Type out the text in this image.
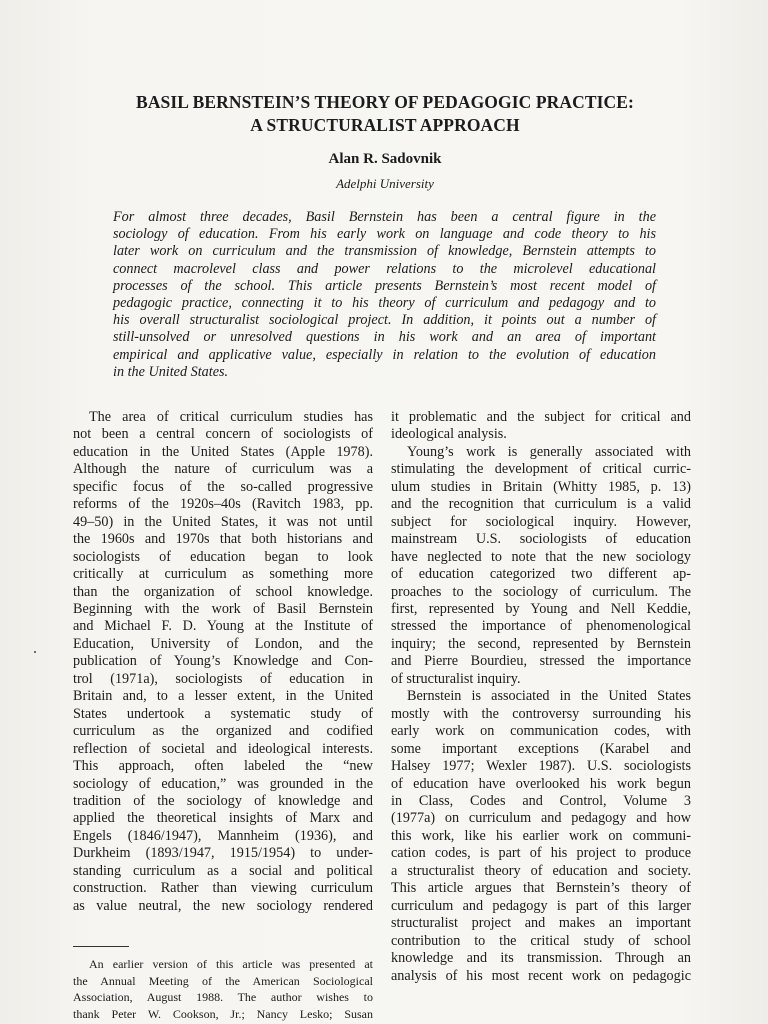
BASIL BERNSTEIN’S THEORY OF PEDAGOGIC PRACTICE:
A STRUCTURALIST APPROACH
Alan R. Sadovnik
Adelphi University
For almost three decades, Basil Bernstein has been a central figure in the
sociology of education. From his early work on language and code theory to his
later work on curriculum and the transmission of knowledge, Bernstein attempts to
connect macrolevel class and power relations to the microlevel educational
processes of the school. This article presents Bernstein’s most recent model of
pedagogic practice, connecting it to his theory of curriculum and pedagogy and to
his overall structuralist sociological project. In addition, it points out a number of
still-unsolved or unresolved questions in his work and an area of important
empirical and applicative value, especially in relation to the evolution of education
in the United States.
The area of critical curriculum studies has
not been a central concern of sociologists of
education in the United States (Apple 1978).
Although the nature of curriculum was a
specific focus of the so-called progressive
reforms of the 1920s–40s (Ravitch 1983, pp.
49–50) in the United States, it was not until
the 1960s and 1970s that both historians and
sociologists of education began to look
critically at curriculum as something more
than the organization of school knowledge.
Beginning with the work of Basil Bernstein
and Michael F. D. Young at the Institute of
Education, University of London, and the
publication of Young’s Knowledge and Con-
trol (1971a), sociologists of education in
Britain and, to a lesser extent, in the United
States undertook a systematic study of
curriculum as the organized and codified
reflection of societal and ideological interests.
This approach, often labeled the “new
sociology of education,” was grounded in the
tradition of the sociology of knowledge and
applied the theoretical insights of Marx and
Engels (1846/1947), Mannheim (1936), and
Durkheim (1893/1947, 1915/1954) to under-
standing curriculum as a social and political
construction. Rather than viewing curriculum
as value neutral, the new sociology rendered
it problematic and the subject for critical and
ideological analysis.
Young’s work is generally associated with
stimulating the development of critical curric-
ulum studies in Britain (Whitty 1985, p. 13)
and the recognition that curriculum is a valid
subject for sociological inquiry. However,
mainstream U.S. sociologists of education
have neglected to note that the new sociology
of education categorized two different ap-
proaches to the sociology of curriculum. The
first, represented by Young and Nell Keddie,
stressed the importance of phenomenological
inquiry; the second, represented by Bernstein
and Pierre Bourdieu, stressed the importance
of structuralist inquiry.
Bernstein is associated in the United States
mostly with the controversy surrounding his
early work on communication codes, with
some important exceptions (Karabel and
Halsey 1977; Wexler 1987). U.S. sociologists
of education have overlooked his work begun
in Class, Codes and Control, Volume 3
(1977a) on curriculum and pedagogy and how
this work, like his earlier work on communi-
cation codes, is part of his project to produce
a structuralist theory of education and society.
This article argues that Bernstein’s theory of
curriculum and pedagogy is part of this larger
structuralist project and makes an important
contribution to the critical study of school
knowledge and its transmission. Through an
analysis of his most recent work on pedagogic
An earlier version of this article was presented at
the Annual Meeting of the American Sociological
Association, August 1988. The author wishes to
thank Peter W. Cookson, Jr.; Nancy Lesko; Susan
